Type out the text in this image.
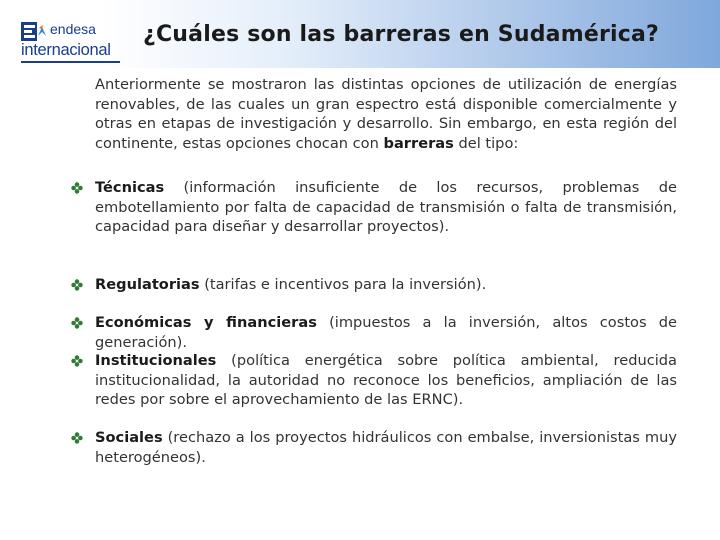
endesa
internacional
¿Cuáles son las barreras en Sudamérica?
Anteriormente se mostraron las distintas opciones de utilización de energías renovables, de las cuales un gran espectro está disponible comercialmente y otras en etapas de investigación y desarrollo. Sin embargo, en esta región del continente, estas opciones chocan con barreras del tipo:
Técnicas (información insuficiente de los recursos, problemas de embotellamiento por falta de capacidad de transmisión o falta de transmisión, capacidad para diseñar y desarrollar proyectos).
Regulatorias (tarifas e incentivos para la inversión).
Económicas y financieras (impuestos a la inversión, altos costos de generación).
Institucionales (política energética sobre política ambiental, reducida institucionalidad, la autoridad no reconoce los beneficios, ampliación de las redes por sobre el aprovechamiento de las ERNC).
Sociales (rechazo a los proyectos hidráulicos con embalse, inversionistas muy heterogéneos).
